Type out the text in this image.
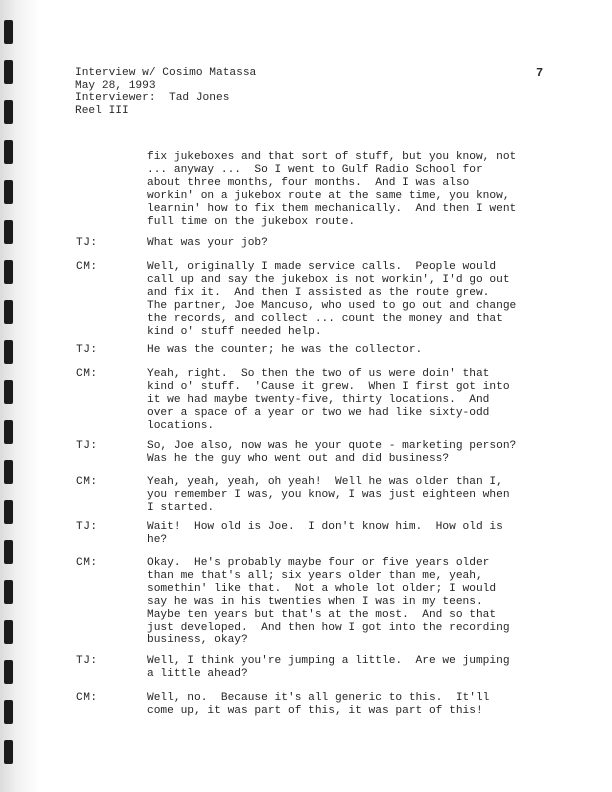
Interview w/ Cosimo Matassa
May 28, 1993
Interviewer:  Tad Jones
Reel III
7
fix jukeboxes and that sort of stuff, but you know, not
... anyway ...  So I went to Gulf Radio School for
about three months, four months.  And I was also
workin' on a jukebox route at the same time, you know,
learnin' how to fix them mechanically.  And then I went
full time on the jukebox route.
TJ:	What was your job?
CM:	Well, originally I made service calls.  People would
call up and say the jukebox is not workin', I'd go out
and fix it.  And then I assisted as the route grew.
The partner, Joe Mancuso, who used to go out and change
the records, and collect ... count the money and that
kind o' stuff needed help.
TJ:	He was the counter; he was the collector.
CM:	Yeah, right.  So then the two of us were doin' that
kind o' stuff.  'Cause it grew.  When I first got into
it we had maybe twenty-five, thirty locations.  And
over a space of a year or two we had like sixty-odd
locations.
TJ:	So, Joe also, now was he your quote - marketing person?
Was he the guy who went out and did business?
CM:	Yeah, yeah, yeah, oh yeah!  Well he was older than I,
you remember I was, you know, I was just eighteen when
I started.
TJ:	Wait!  How old is Joe.  I don't know him.  How old is
he?
CM:	Okay.  He's probably maybe four or five years older
than me that's all; six years older than me, yeah,
somethin' like that.  Not a whole lot older; I would
say he was in his twenties when I was in my teens.
Maybe ten years but that's at the most.  And so that
just developed.  And then how I got into the recording
business, okay?
TJ:	Well, I think you're jumping a little.  Are we jumping
a little ahead?
CM:	Well, no.  Because it's all generic to this.  It'll
come up, it was part of this, it was part of this!
